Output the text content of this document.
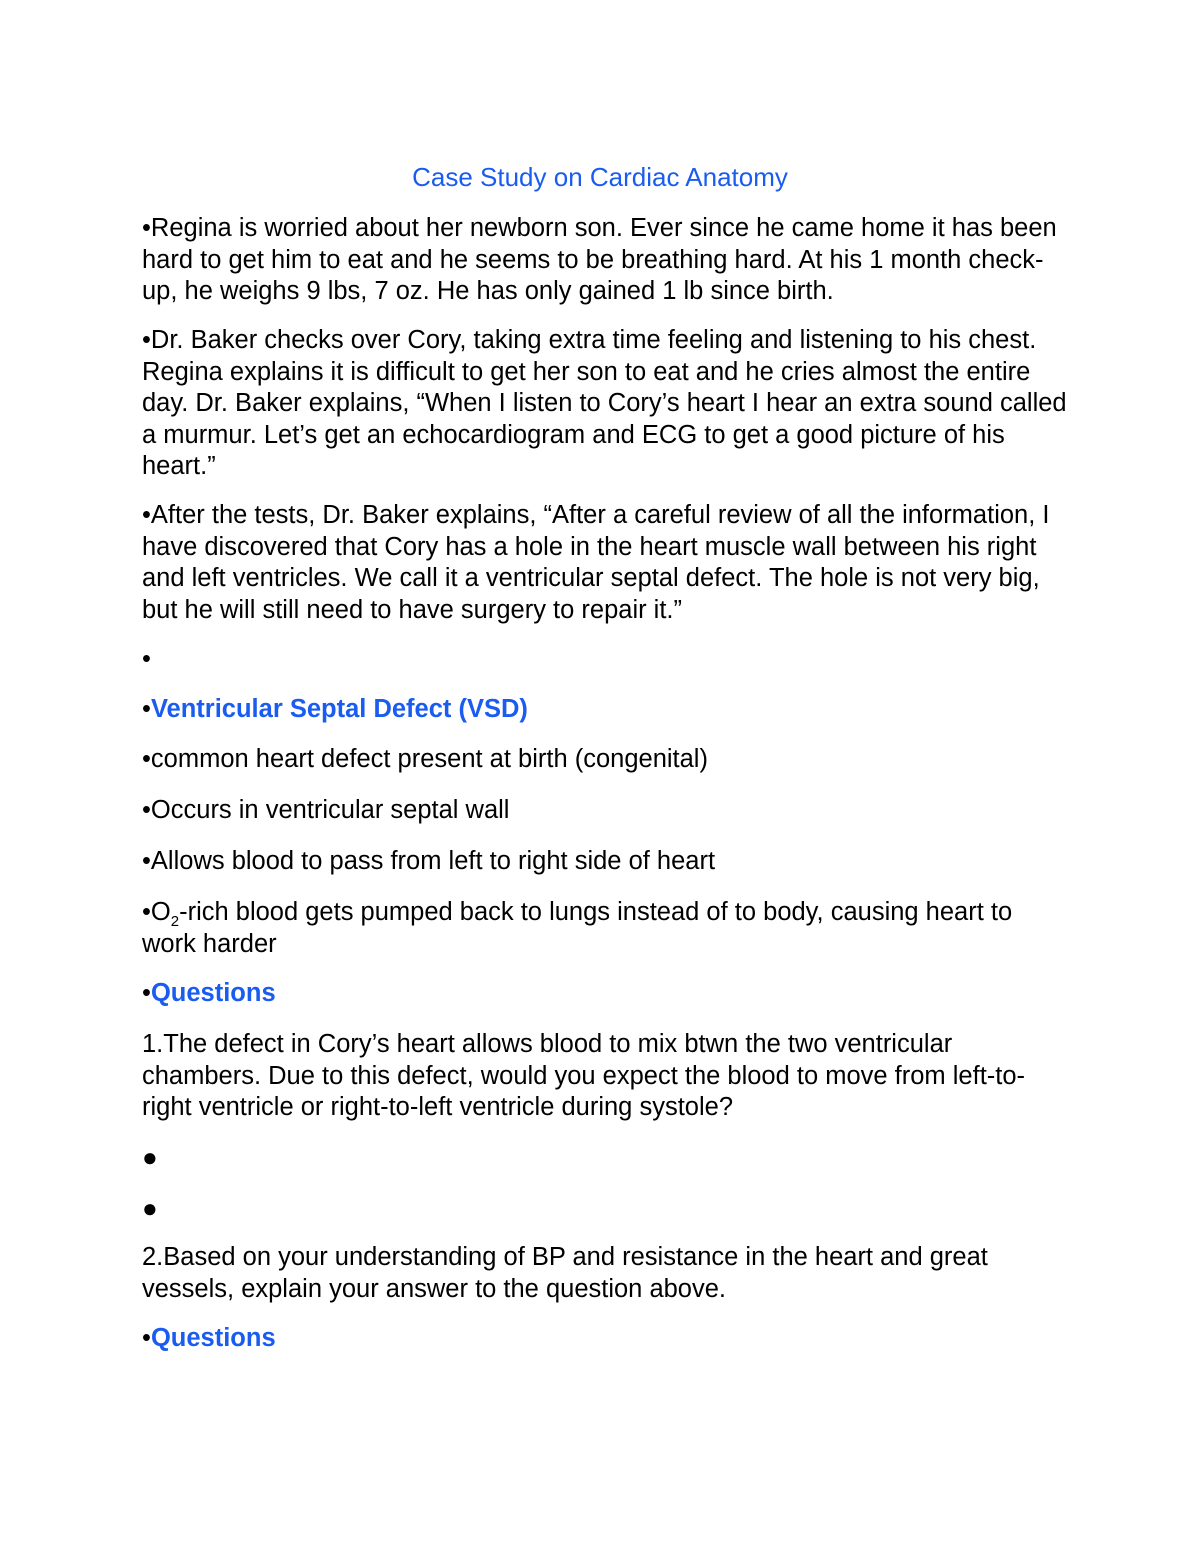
Case Study on Cardiac Anatomy

•Regina is worried about her newborn son. Ever since he came home it has been hard to get him to eat and he seems to be breathing hard. At his 1 month check-up, he weighs 9 lbs, 7 oz. He has only gained 1 lb since birth.

•Dr. Baker checks over Cory, taking extra time feeling and listening to his chest. Regina explains it is difficult to get her son to eat and he cries almost the entire day. Dr. Baker explains, “When I listen to Cory’s heart I hear an extra sound called a murmur. Let’s get an echocardiogram and ECG to get a good picture of his heart.”

•After the tests, Dr. Baker explains, “After a careful review of all the information, I have discovered that Cory has a hole in the heart muscle wall between his right and left ventricles. We call it a ventricular septal defect. The hole is not very big, but he will still need to have surgery to repair it.”

•

•Ventricular Septal Defect (VSD)

•common heart defect present at birth (congenital)

•Occurs in ventricular septal wall

•Allows blood to pass from left to right side of heart

$•O_2$-rich blood gets pumped back to lungs instead of to body, causing heart to work harder

•Questions

1.The defect in Cory’s heart allows blood to mix btwn the two ventricular chambers. Due to this defect, would you expect the blood to move from left-to-right ventricle or right-to-left ventricle during systole?

●
●

2.Based on your understanding of BP and resistance in the heart and great vessels, explain your answer to the question above.

•Questions
